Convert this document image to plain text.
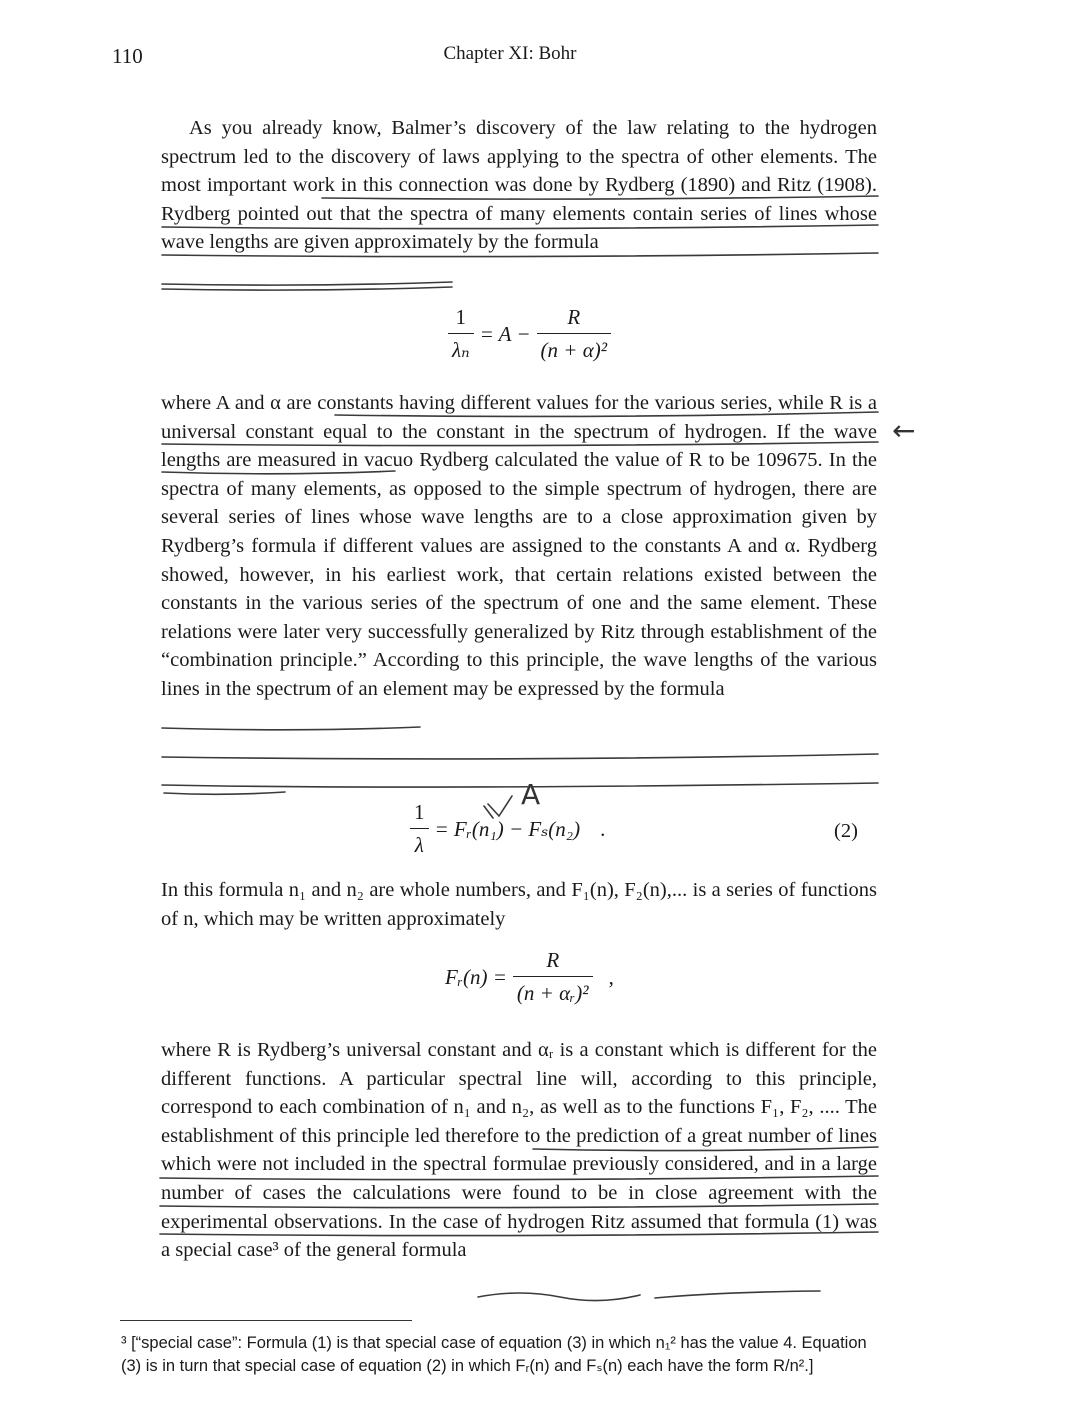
110	Chapter XI: Bohr

As you already know, Balmer’s discovery of the law relating to the hydrogen spectrum led to the discovery of laws applying to the spectra of other elements. The most important work in this connection was done by Rydberg (1890) and Ritz (1908). Rydberg pointed out that the spectra of many elements contain series of lines whose wave lengths are given approximately by the formula

$\frac{1}{\text{λₙ}} = A - \frac{R}{\text{(n + α)²}}$

where A and α are constants having different values for the various series, while R is a universal constant equal to the constant in the spectrum of hydrogen. If the wave lengths are measured in vacuo Rydberg calculated the value of R to be 109675. In the spectra of many elements, as opposed to the simple spectrum of hydrogen, there are several series of lines whose wave lengths are to a close approximation given by Rydberg’s formula if different values are assigned to the constants A and α. Rydberg showed, however, in his earliest work, that certain relations existed between the constants in the various series of the spectrum of one and the same element. These relations were later very successfully generalized by Ritz through establishment of the “combination principle.” According to this principle, the wave lengths of the various lines in the spectrum of an element may be expressed by the formula

$\frac{1}{\lambda}$ = Fᵣ(n₁) − Fₛ(n₂) .	(2)

In this formula n₁ and n₂ are whole numbers, and F₁(n), F₂(n),... is a series of functions of n, which may be written approximately

Fᵣ(n) = $\frac{R}{\text{(n + αᵣ)²}}$ ,

where R is Rydberg’s universal constant and αᵣ is a constant which is different for the different functions. A particular spectral line will, according to this principle, correspond to each combination of n₁ and n₂, as well as to the functions F₁, F₂, .... The establishment of this principle led therefore to the prediction of a great number of lines which were not included in the spectral formulae previously considered, and in a large number of cases the calculations were found to be in close agreement with the experimental observations. In the case of hydrogen Ritz assumed that formula (1) was a special case³ of the general formula

A
←

³ [“special case”: Formula (1) is that special case of equation (3) in which n₁² has the value 4. Equation (3) is in turn that special case of equation (2) in which Fᵣ(n) and Fₛ(n) each have the form R/n².]
